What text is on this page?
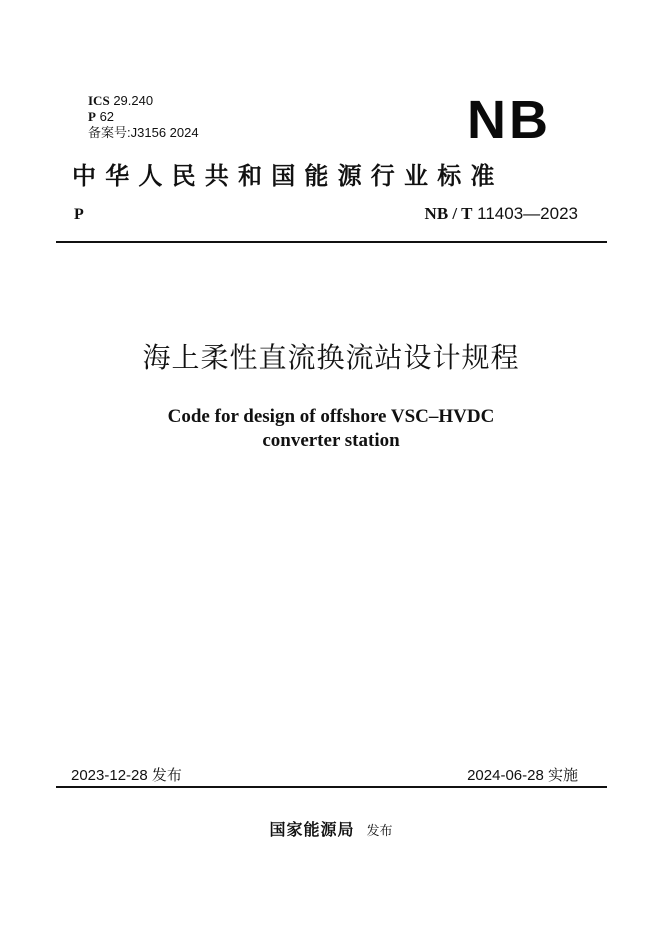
ICS 29.240
P 62
备案号:J3156 2024	NB
中华人民共和国能源行业标准
P	NB / T 11403—2023
海上柔性直流换流站设计规程
Code for design of offshore VSC–HVDC
converter station
2023-12-28 发布	2024-06-28 实施
国家能源局 发布
